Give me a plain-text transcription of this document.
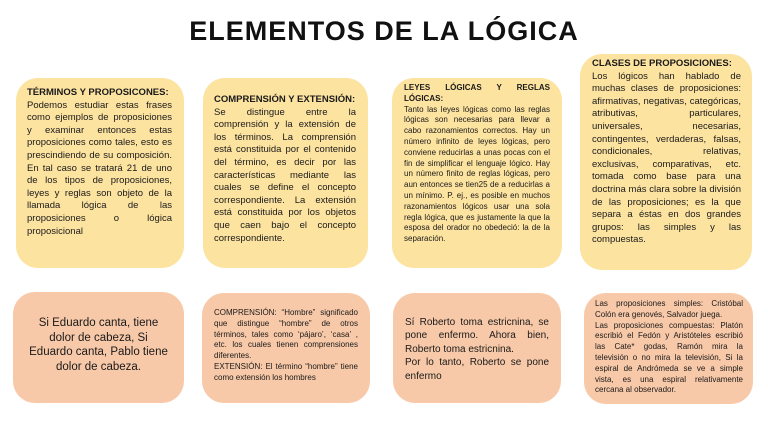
ELEMENTOS DE LA LÓGICA

TÉRMINOS Y PROPOSICONES:

Podemos estudiar estas frases como ejemplos de proposiciones y examinar entonces estas proposiciones como tales, esto es prescindiendo de su composición. En tal caso se tratará 21 de uno de los tipos de proposiciones, leyes y reglas son objeto de la llamada lógica de las proposiciones o lógica proposicional

COMPRENSIÓN Y EXTENSIÓN:

Se distingue entre la comprensión y la extensión de los términos. La comprensión está constituida por el contenido del término, es decir por las características mediante las cuales se define el concepto correspondiente. La extensión está constituida por los objetos que caen bajo el concepto correspondiente.

LEYES LÓGICAS Y REGLAS LÓGICAS:

Tanto las leyes lógicas como las reglas lógicas son necesarias para llevar a cabo razonamientos correctos. Hay un número infinito de leyes lógicas, pero conviene reducirlas a unas pocas con el fin de simplificar el lenguaje lógico. Hay un número finito de reglas lógicas, pero aun entonces se tien25 de a reducirlas a un mínimo. P. ej., es posible en muchos razonamientos lógicos usar una sola regla lógica, que es justamente la que la esposa del orador no obedeció: la de la separación.

CLASES DE PROPOSICIONES:

Los lógicos han hablado de muchas clases de proposiciones: afirmativas, negativas, categóricas, atributivas, particulares, universales, necesarias, contingentes, verdaderas, falsas, condicionales, relativas, exclusivas, comparativas, etc. tomada como base para una doctrina más clara sobre la división de las proposiciones; es la que separa a éstas en dos grandes grupos: las simples y las compuestas.

Si Eduardo canta, tiene dolor de cabeza, Si Eduardo canta, Pablo tiene dolor de cabeza.

COMPRENSIÓN: “Hombre” significado que distingue “hombre” de otros términos, tales como ‘pájaro’, ‘casa’ , etc. los cuales tienen comprensiones diferentes.

EXTENSIÓN: El término “hombre” tiene como extensión los hombres

Sí Roberto toma estricnina, se pone enfermo. Ahora bien, Roberto toma estricnina.

Por lo tanto, Roberto se pone enfermo

Las proposiciones simples: Cristóbal Colón era genovés, Salvador juega.

Las proposiciones compuestas: Platón escribió el Fedón y Aristóteles escribió las Cate* godas, Ramón mira la televisión o no mira la televisión, Si la espiral de Andrómeda se ve a simple vista, es una espiral relativamente cercana al observador.
